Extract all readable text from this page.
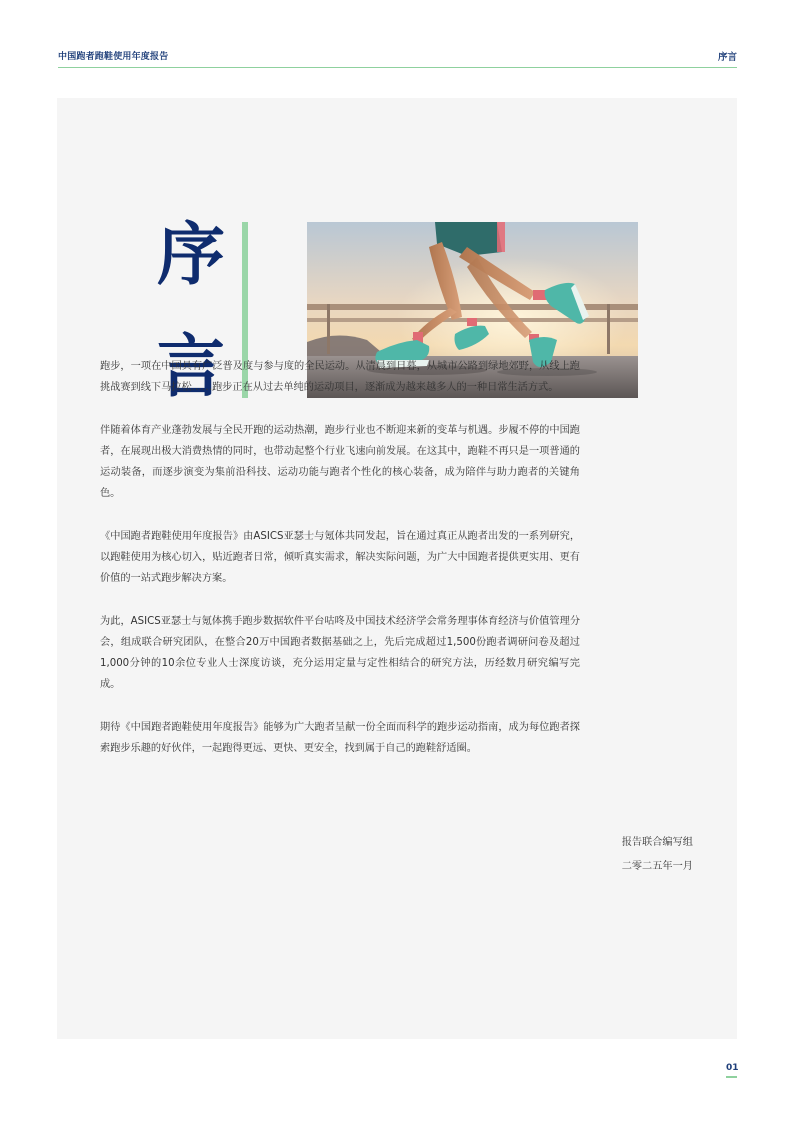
中国跑者跑鞋使用年度报告	序言
序
言

跑步，一项在中国具有广泛普及度与参与度的全民运动。从清晨到日暮，从城市公路到绿地郊野，从线上跑挑战赛到线下马拉松……跑步正在从过去单纯的运动项目，逐渐成为越来越多人的一种日常生活方式。

伴随着体育产业蓬勃发展与全民开跑的运动热潮，跑步行业也不断迎来新的变革与机遇。步履不停的中国跑者，在展现出极大消费热情的同时，也带动起整个行业飞速向前发展。在这其中，跑鞋不再只是一项普通的运动装备，而逐步演变为集前沿科技、运动功能与跑者个性化的核心装备，成为陪伴与助力跑者的关键角色。

《中国跑者跑鞋使用年度报告》由ASICS亚瑟士与氪体共同发起，旨在通过真正从跑者出发的一系列研究，以跑鞋使用为核心切入，贴近跑者日常，倾听真实需求，解决实际问题，为广大中国跑者提供更实用、更有价值的一站式跑步解决方案。

为此，ASICS亚瑟士与氪体携手跑步数据软件平台咕咚及中国技术经济学会常务理事体育经济与价值管理分会，组成联合研究团队，在整合20万中国跑者数据基础之上，先后完成超过1,500份跑者调研问卷及超过1,000分钟的10余位专业人士深度访谈，充分运用定量与定性相结合的研究方法，历经数月研究编写完成。

期待《中国跑者跑鞋使用年度报告》能够为广大跑者呈献一份全面而科学的跑步运动指南，成为每位跑者探索跑步乐趣的好伙伴，一起跑得更远、更快、更安全，找到属于自己的跑鞋舒适圈。

报告联合编写组
二零二五年一月
01
